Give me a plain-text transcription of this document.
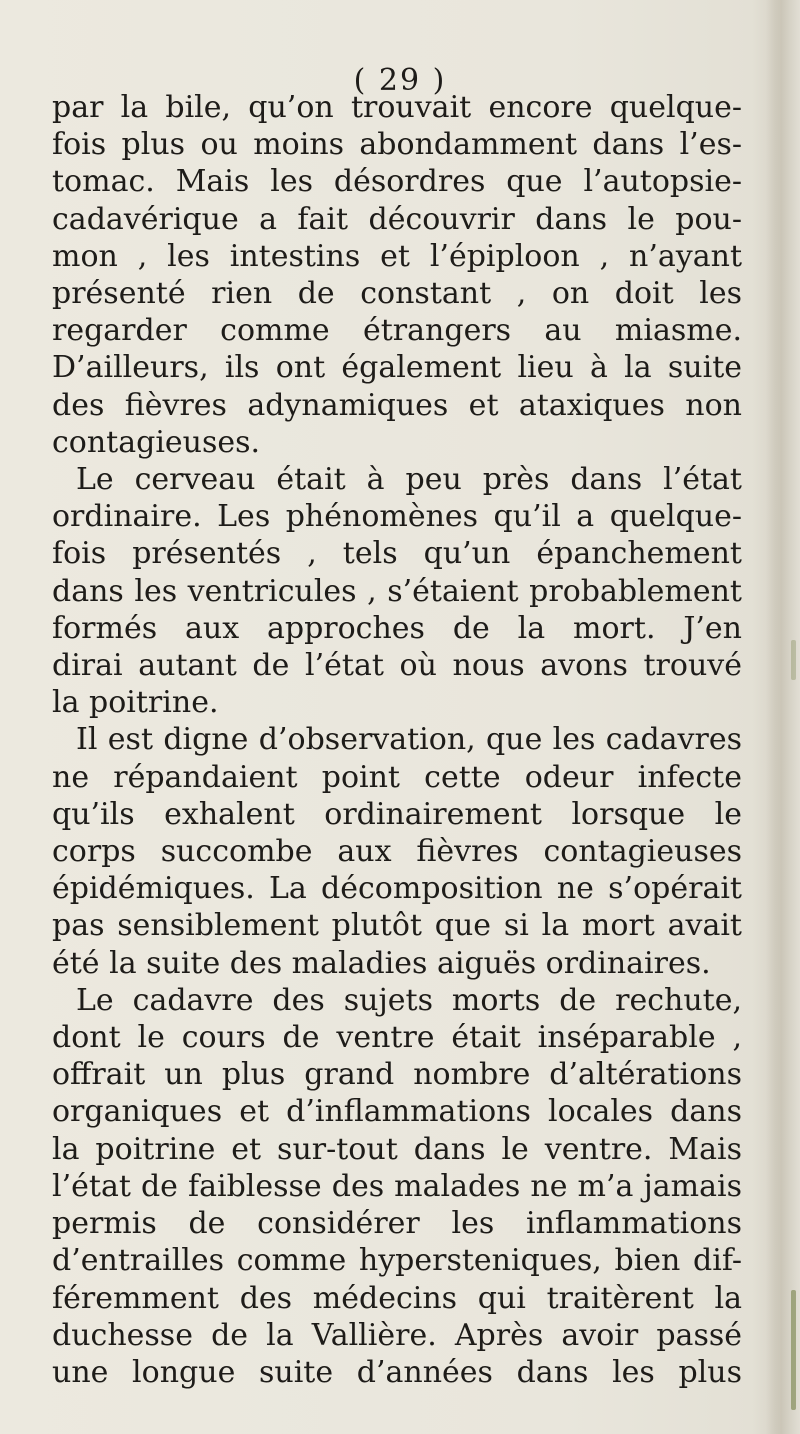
( 29 )
par la bile, qu’on trouvait encore quelque-
fois plus ou moins abondamment dans l’es-
tomac. Mais les désordres que l’autopsie-
cadavérique a fait découvrir dans le pou-
mon , les intestins et l’épiploon , n’ayant
présenté rien de constant , on doit les
regarder comme étrangers au miasme.
D’ailleurs, ils ont également lieu à la suite
des fièvres adynamiques et ataxiques non
contagieuses.
Le cerveau était à peu près dans l’état
ordinaire. Les phénomènes qu’il a quelque-
fois présentés , tels qu’un épanchement
dans les ventricules , s’étaient probablement
formés aux approches de la mort. J’en
dirai autant de l’état où nous avons trouvé
la poitrine.
Il est digne d’observation, que les cadavres
ne répandaient point cette odeur infecte
qu’ils exhalent ordinairement lorsque le
corps succombe aux fièvres contagieuses
épidémiques. La décomposition ne s’opérait
pas sensiblement plutôt que si la mort avait
été la suite des maladies aiguës ordinaires.
Le cadavre des sujets morts de rechute,
dont le cours de ventre était inséparable ,
offrait un plus grand nombre d’altérations
organiques et d’inflammations locales dans
la poitrine et sur-tout dans le ventre. Mais
l’état de faiblesse des malades ne m’a jamais
permis de considérer les inflammations
d’entrailles comme hypersteniques, bien dif-
féremment des médecins qui traitèrent la
duchesse de la Vallière. Après avoir passé
une longue suite d’années dans les plus
